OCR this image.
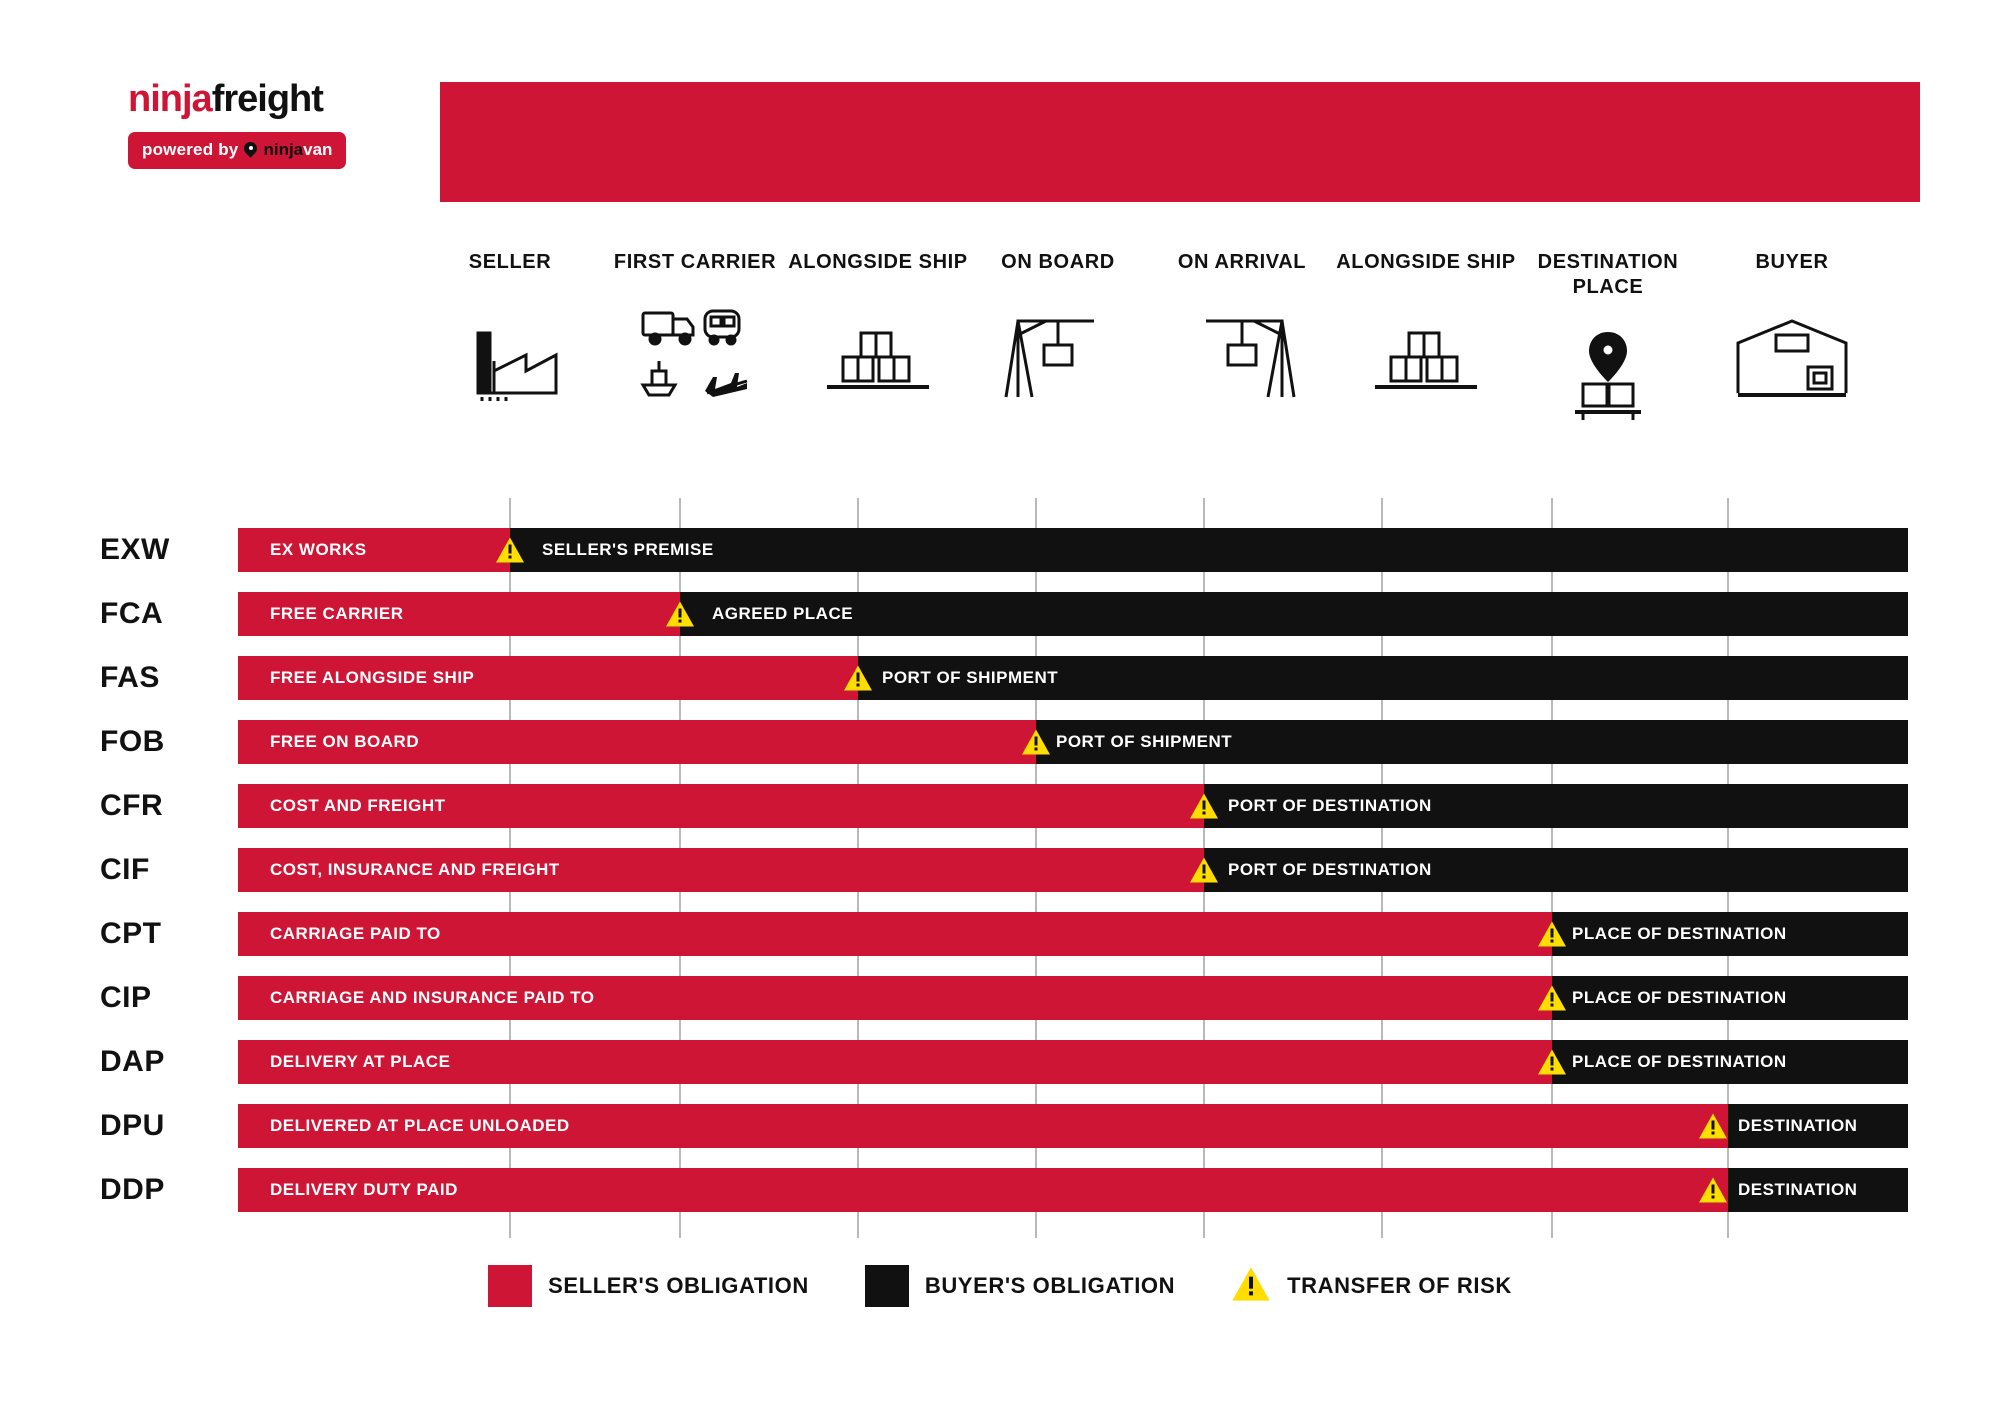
ninjafreight
powered by ninjavan
SELLER	FIRST CARRIER ALONGSIDE SHIP	ON BOARD	ON ARRIVAL	ALONGSIDE SHIP	DESTINATION PLACE
BUYER
EXW	EX WORKS	SELLER'S PREMISE
FCA	FREE CARRIER	AGREED PLACE
FAS	FREE ALONGSIDE SHIP	PORT OF SHIPMENT
FOB	FREE ON BOARD	PORT OF SHIPMENT
CFR	COST AND FREIGHT	PORT OF DESTINATION
CIF	COST, INSURANCE AND FREIGHT	PORT OF DESTINATION
CPT	CARRIAGE PAID TO	PLACE OF DESTINATION
CIP	CARRIAGE AND INSURANCE PAID TO	PLACE OF DESTINATION
DAP	DELIVERY AT PLACE	PLACE OF DESTINATION
DPU	DELIVERED AT PLACE UNLOADED	DESTINATION
DDP	DELIVERY DUTY PAID	DESTINATION
SELLER'S OBLIGATION	BUYER'S OBLIGATION	TRANSFER OF RISK
